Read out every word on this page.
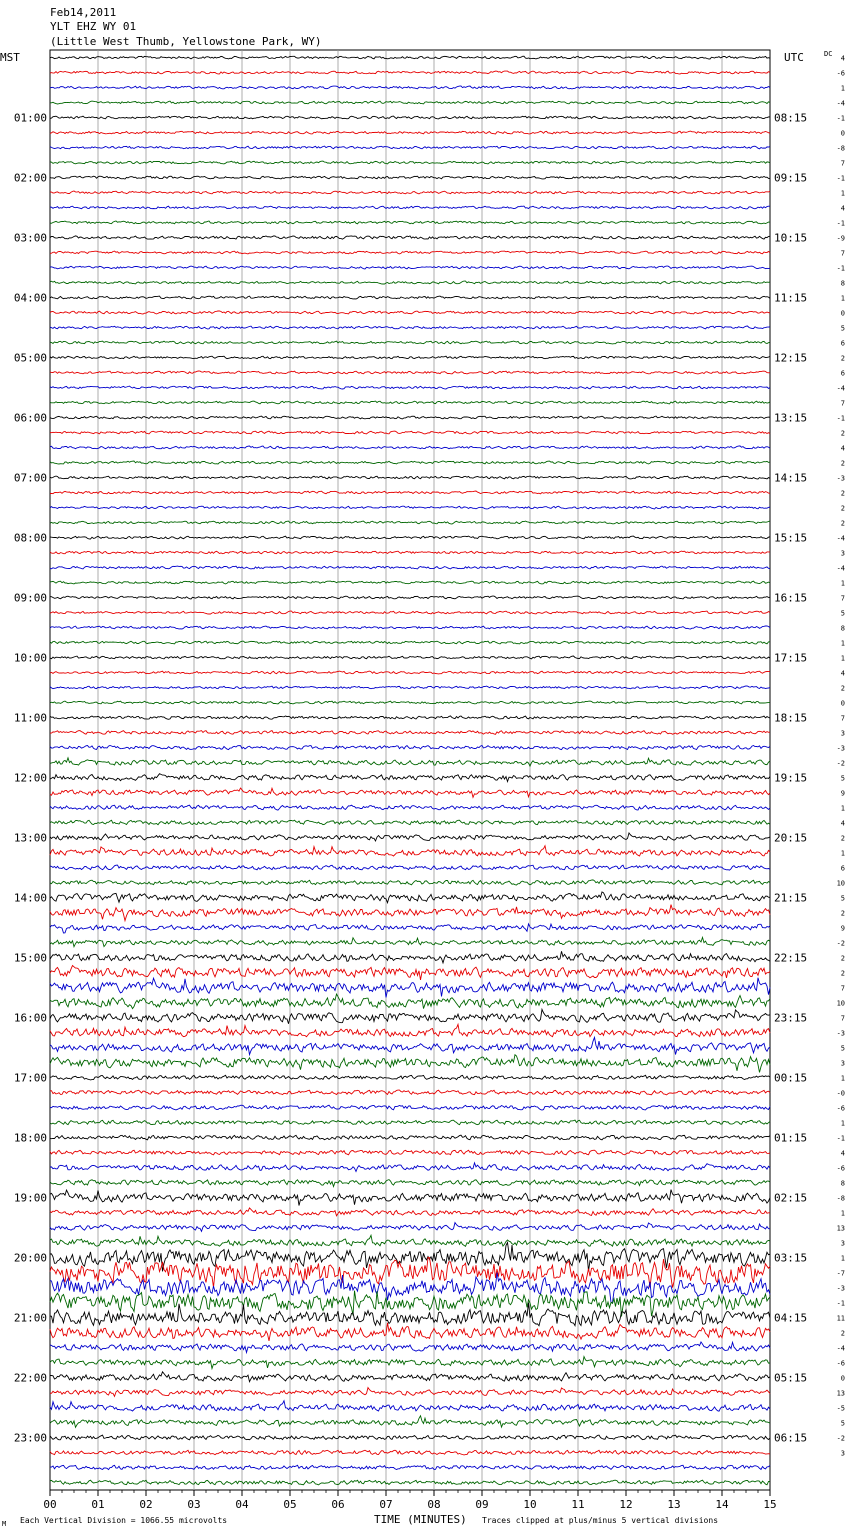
Feb14,2011
YLT EHZ WY 01
(Little West Thumb, Yellowstone Park, WY)
MST	UTC	DC
01:00
02:00
03:00
04:00
05:00
06:00
07:00
08:00
09:00
10:00
11:00
12:00
13:00
14:00
15:00
16:00
17:00
18:00
19:00
20:00
21:00
22:00
23:00
08:15
09:15
10:15
11:15
12:15
13:15
14:15
15:15
16:15
17:15
18:15
19:15
20:15
21:15
22:15
23:15
00:15
01:15
02:15
03:15
04:15
05:15
06:15
4
-6
1
-4
-1
0
-8
7
-1
1
4
-1
-9
7
-1
8
1
0
5
6
2
6
-4
7
-1
2
4
2
-3
2
2
2
-4
3
-4
1
7
5
8
1
1
4
2
0
7
3
-3
-2
5
9
1
4
2
1
6
10
5
2
9
-2
2
2
7
10
7
-3
5
3
1
-0
-6
1
-1
4
-6
8
-8
1
13
3
1
-7
-3
-1
11
2
-4
-6
0
13
-5
5
-2
3
00	01	02	03	04	05	06	07	08	09	10	11	12	13	14	15
TIME (MINUTES)
Each Vertical Division = 1066.55 microvolts	Traces clipped at plus/minus 5 vertical divisions
M
